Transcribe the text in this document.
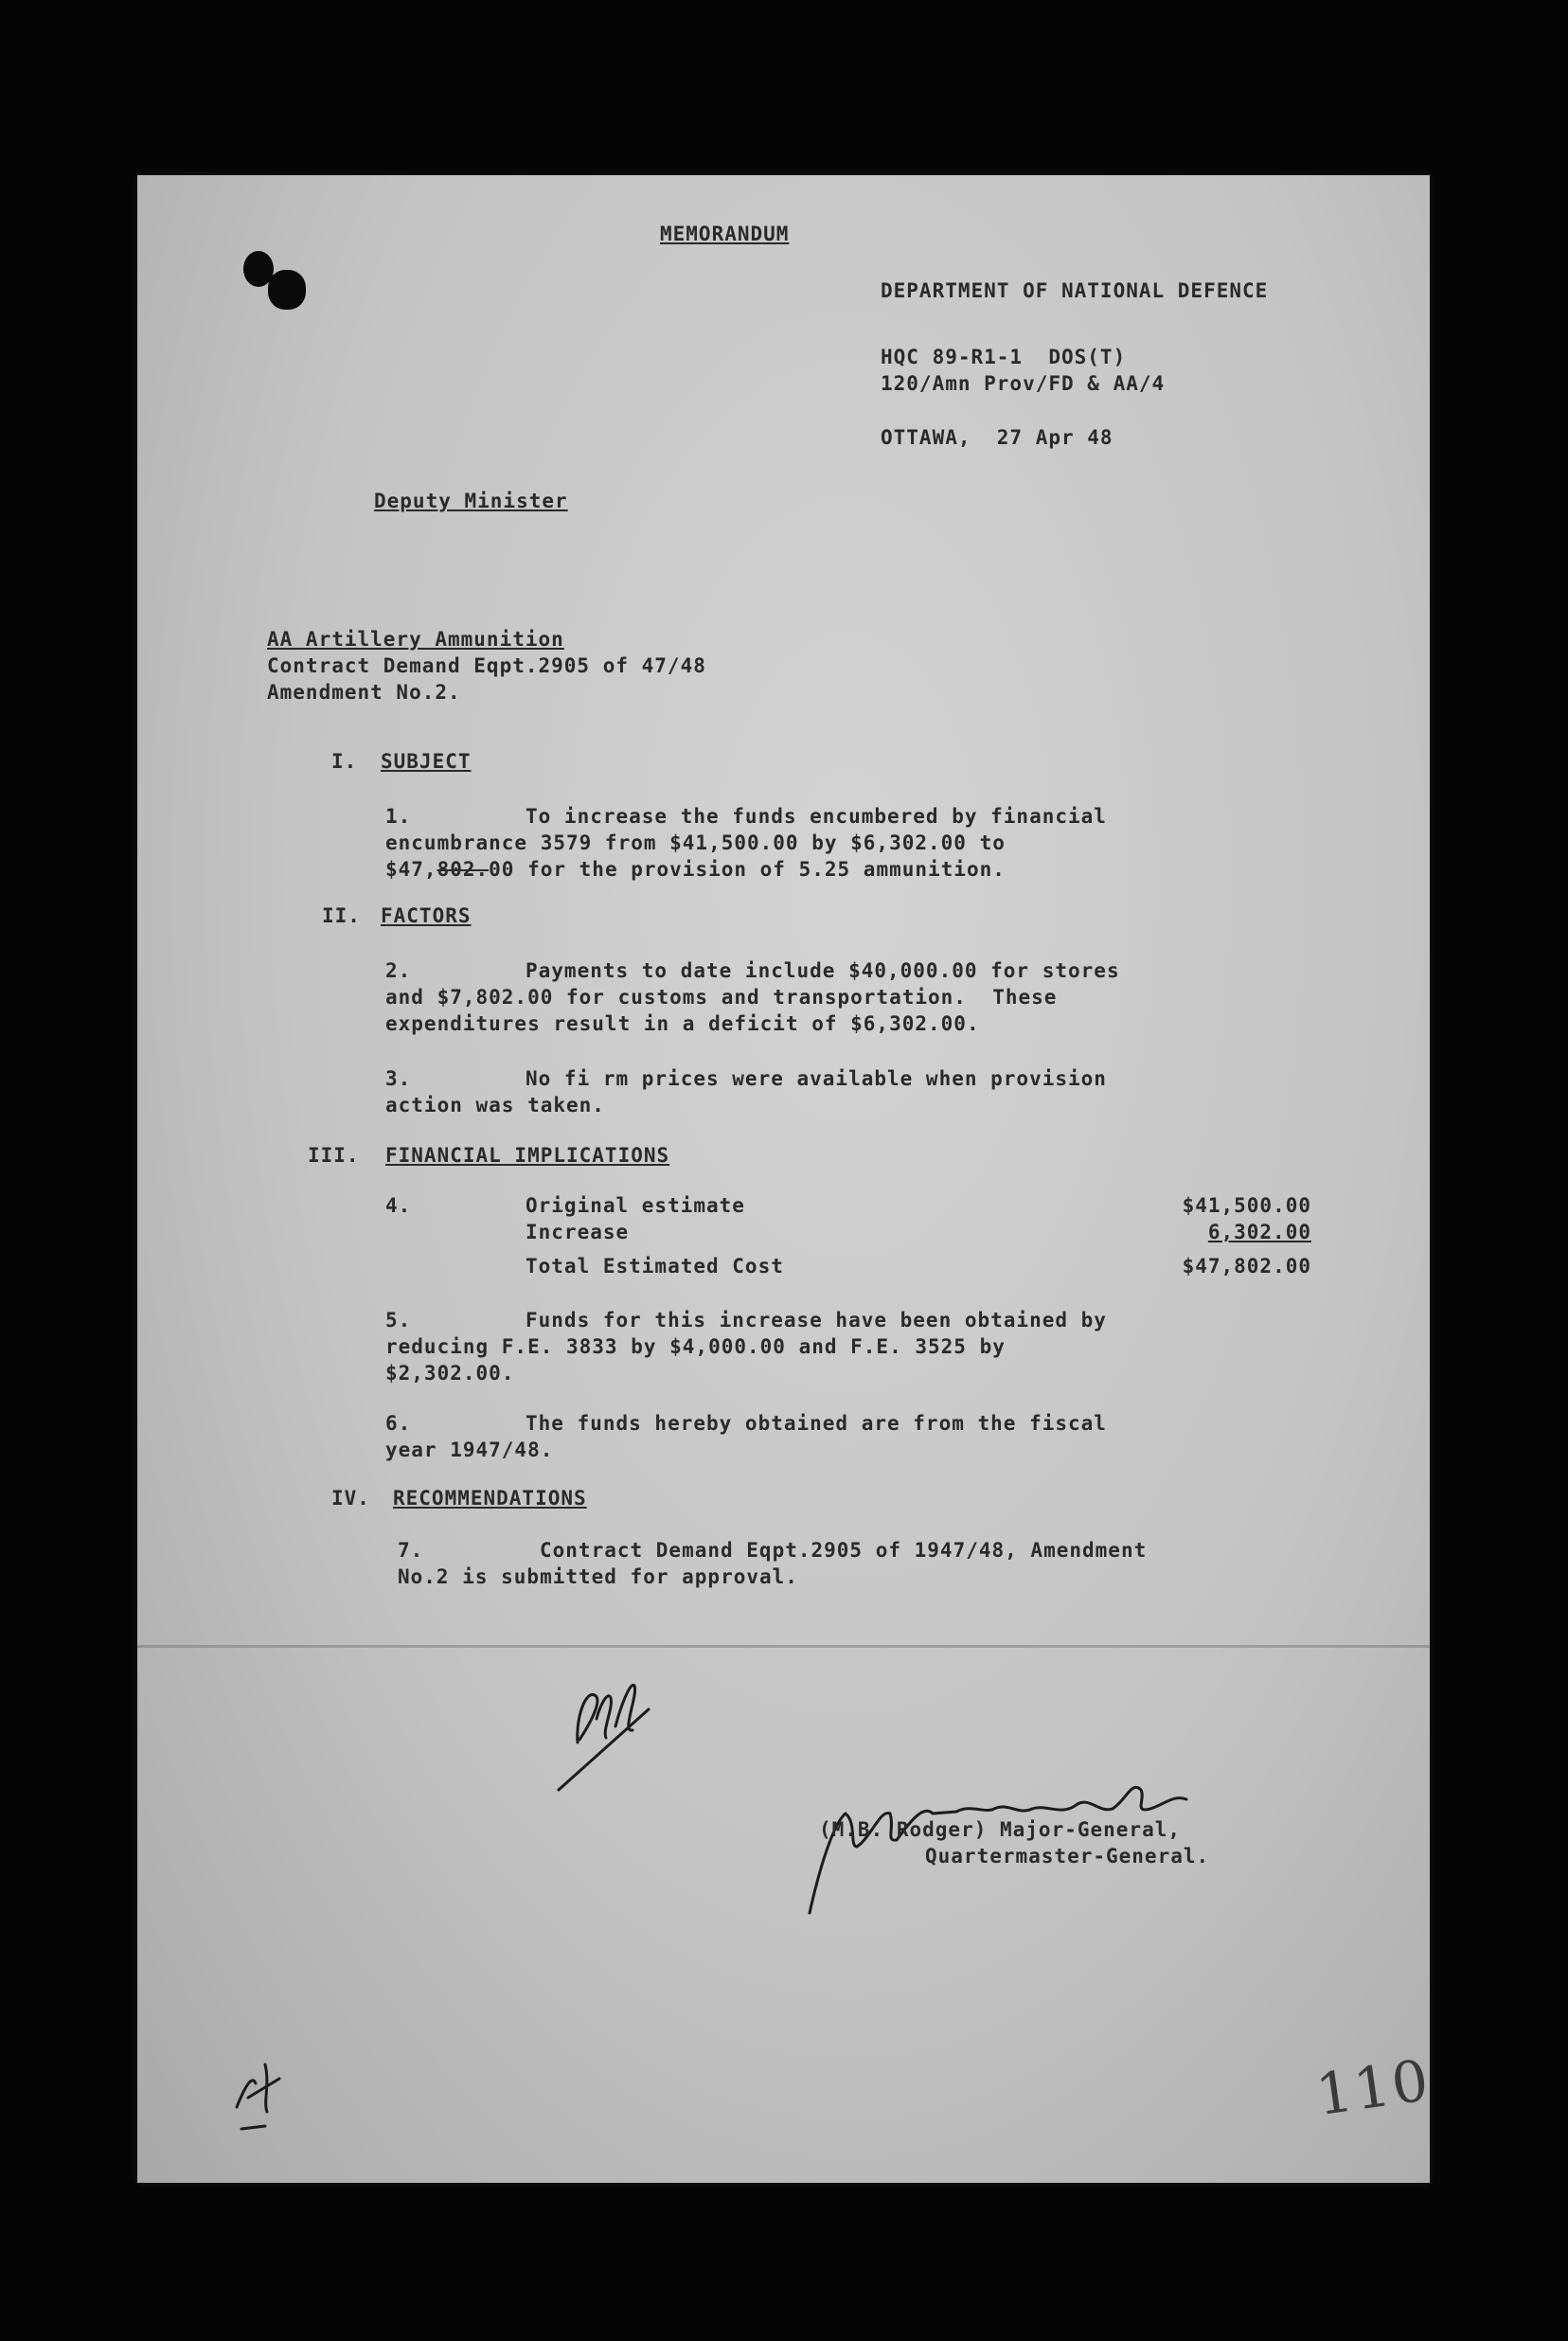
MEMORANDUM
DEPARTMENT OF NATIONAL DEFENCE
HQC 89-R1-1  DOS(T)
120/Amn Prov/FD & AA/4
OTTAWA,  27 Apr 48
Deputy Minister
AA Artillery Ammunition
Contract Demand Eqpt.2905 of 47/48
Amendment No.2.
I. SUBJECT
1.	To increase the funds encumbered by financial
encumbrance 3579 from $41,500.00 by $6,302.00 to
$47,802.00 for the provision of 5.25 ammunition.
II. FACTORS
2.	Payments to date include $40,000.00 for stores
and $7,802.00 for customs and transportation.  These
expenditures result in a deficit of $6,302.00.
3.	No fi rm prices were available when provision
action was taken.
III. FINANCIAL IMPLICATIONS
4.	Original estimate	$41,500.00
Increase	6,302.00
Total Estimated Cost	$47,802.00
5.	Funds for this increase have been obtained by
reducing F.E. 3833 by $4,000.00 and F.E. 3525 by
$2,302.00.
6.	The funds hereby obtained are from the fiscal
year 1947/48.
IV. RECOMMENDATIONS
7.	Contract Demand Eqpt.2905 of 1947/48, Amendment
No.2 is submitted for approval.
(M.B. Rodger) Major-General,
Quartermaster-General.
110
